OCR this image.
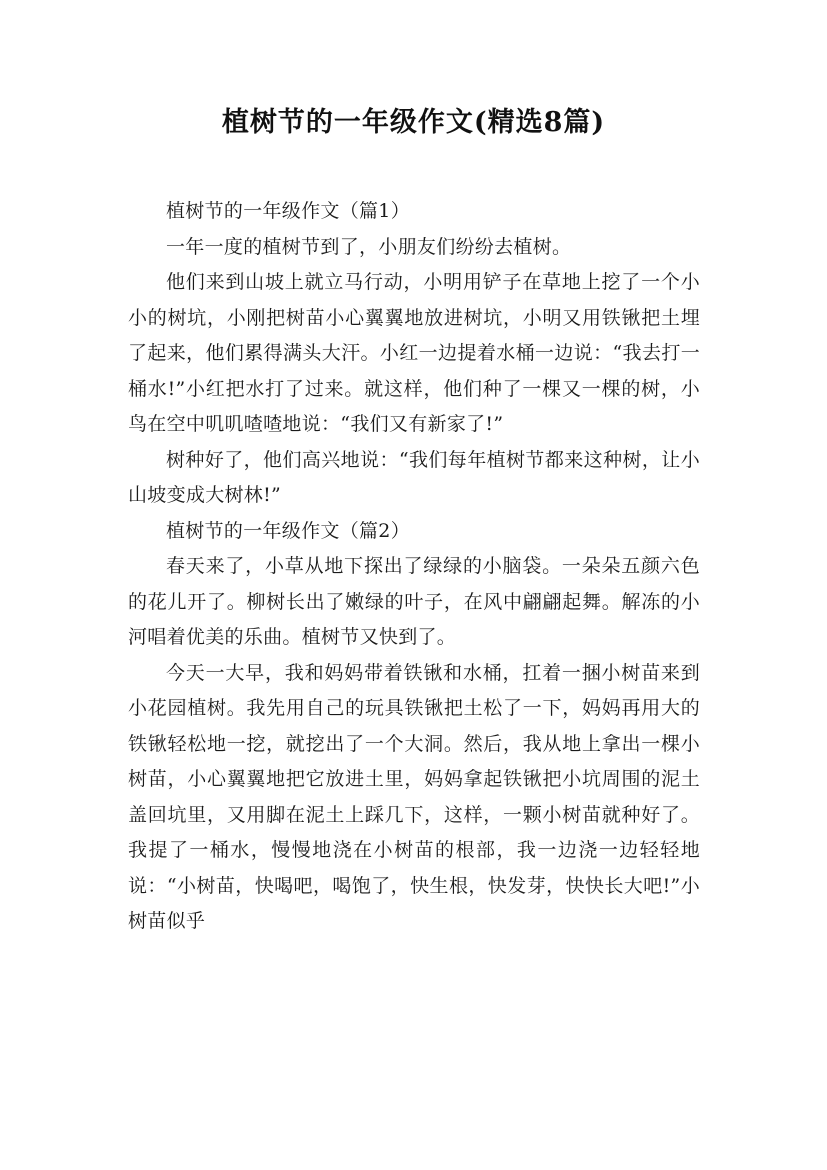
植树节的一年级作文(精选8篇)

植树节的一年级作文（篇1）

一年一度的植树节到了，小朋友们纷纷去植树。

他们来到山坡上就立马行动，小明用铲子在草地上挖了一个小小的树坑，小刚把树苗小心翼翼地放进树坑，小明又用铁锹把土埋了起来，他们累得满头大汗。小红一边提着水桶一边说：“我去打一桶水!”小红把水打了过来。就这样，他们种了一棵又一棵的树，小鸟在空中叽叽喳喳地说：“我们又有新家了!”

树种好了，他们高兴地说：“我们每年植树节都来这种树，让小山坡变成大树林!”

植树节的一年级作文（篇2）

春天来了，小草从地下探出了绿绿的小脑袋。一朵朵五颜六色的花儿开了。柳树长出了嫩绿的叶子，在风中翩翩起舞。解冻的小河唱着优美的乐曲。植树节又快到了。

今天一大早，我和妈妈带着铁锹和水桶，扛着一捆小树苗来到小花园植树。我先用自己的玩具铁锹把土松了一下，妈妈再用大的铁锹轻松地一挖，就挖出了一个大洞。然后，我从地上拿出一棵小树苗，小心翼翼地把它放进土里，妈妈拿起铁锹把小坑周围的泥土盖回坑里，又用脚在泥土上踩几下，这样，一颗小树苗就种好了。我提了一桶水，慢慢地浇在小树苗的根部，我一边浇一边轻轻地说：“小树苗，快喝吧，喝饱了，快生根，快发芽，快快长大吧!”小树苗似乎
